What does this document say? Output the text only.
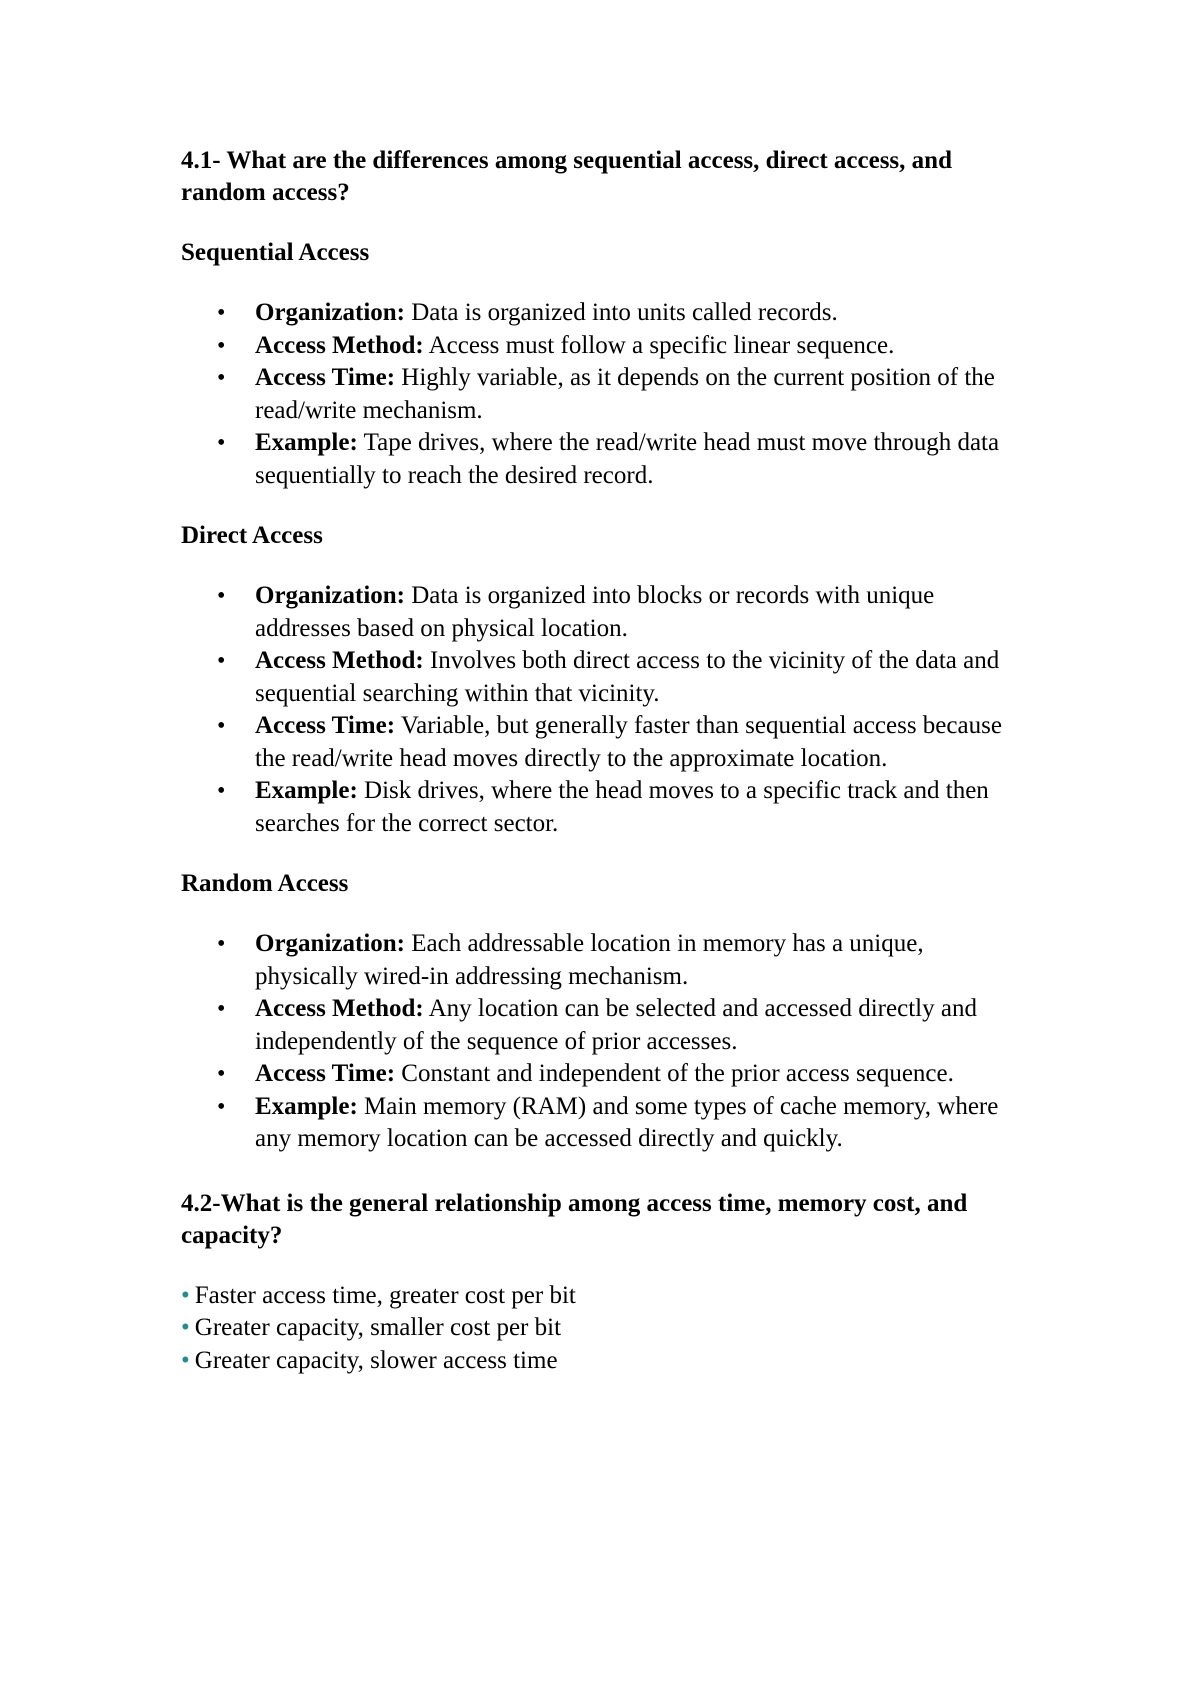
4.1- What are the differences among sequential access, direct access, and random access?

Sequential Access

• Organization: Data is organized into units called records.
• Access Method: Access must follow a specific linear sequence.
• Access Time: Highly variable, as it depends on the current position of the read/write mechanism.
• Example: Tape drives, where the read/write head must move through data sequentially to reach the desired record.

Direct Access

• Organization: Data is organized into blocks or records with unique addresses based on physical location.
• Access Method: Involves both direct access to the vicinity of the data and sequential searching within that vicinity.
• Access Time: Variable, but generally faster than sequential access because the read/write head moves directly to the approximate location.
• Example: Disk drives, where the head moves to a specific track and then searches for the correct sector.

Random Access

• Organization: Each addressable location in memory has a unique, physically wired-in addressing mechanism.
• Access Method: Any location can be selected and accessed directly and independently of the sequence of prior accesses.
• Access Time: Constant and independent of the prior access sequence.
• Example: Main memory (RAM) and some types of cache memory, where any memory location can be accessed directly and quickly.

4.2-What is the general relationship among access time, memory cost, and capacity?

• Faster access time, greater cost per bit
• Greater capacity, smaller cost per bit
• Greater capacity, slower access time
